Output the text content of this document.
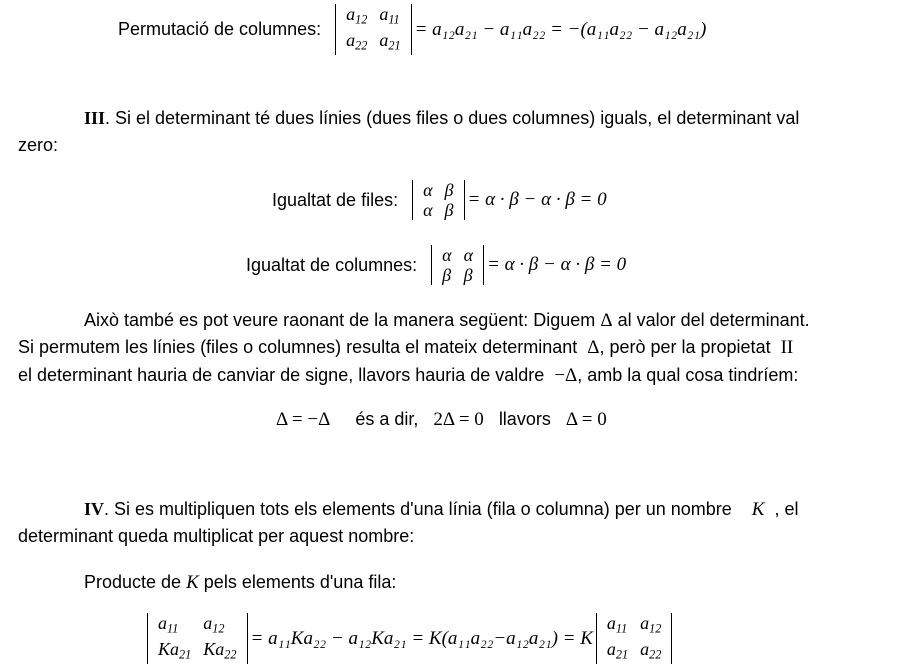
Permutació de columnes:
$a_{12}$	$a_{11}$
$a_{22}$	$a_{21}$
= a₁₂a₂₁ − a₁₁a₂₂ = −(a₁₁a₂₂ − a₁₂a₂₁)
III. Si el determinant té dues línies (dues files o dues columnes) iguals, el determinant val
zero:
Igualtat de files: α	β
α	β = α · β − α · β = 0
Igualtat de columnes: α	α
β	β = α · β − α · β = 0
Això també es pot veure raonant de la manera següent: Diguem Δ al valor del determinant.
Si permutem les línies (files o columnes) resulta el mateix determinant Δ, però per la propietat II
el determinant hauria de canviar de signe, llavors hauria de valdre −Δ, amb la qual cosa tindríem:
Δ = −Δ és a dir, 2Δ = 0 llavors Δ = 0
IV. Si es multipliquen tots els elements d'una línia (fila o columna) per un nombre K , el
determinant queda multiplicat per aquest nombre:
Producte de K pels elements d'una fila:
$a_{11}$	$a_{12}$
$Ka_{21}$	$Ka_{22}$
= a₁₁Ka₂₂ − a₁₂Ka₂₁ = K(a₁₁a₂₂−a₁₂a₂₁) = K
$a_{11}$	$a_{12}$
$a_{21}$	$a_{22}$
